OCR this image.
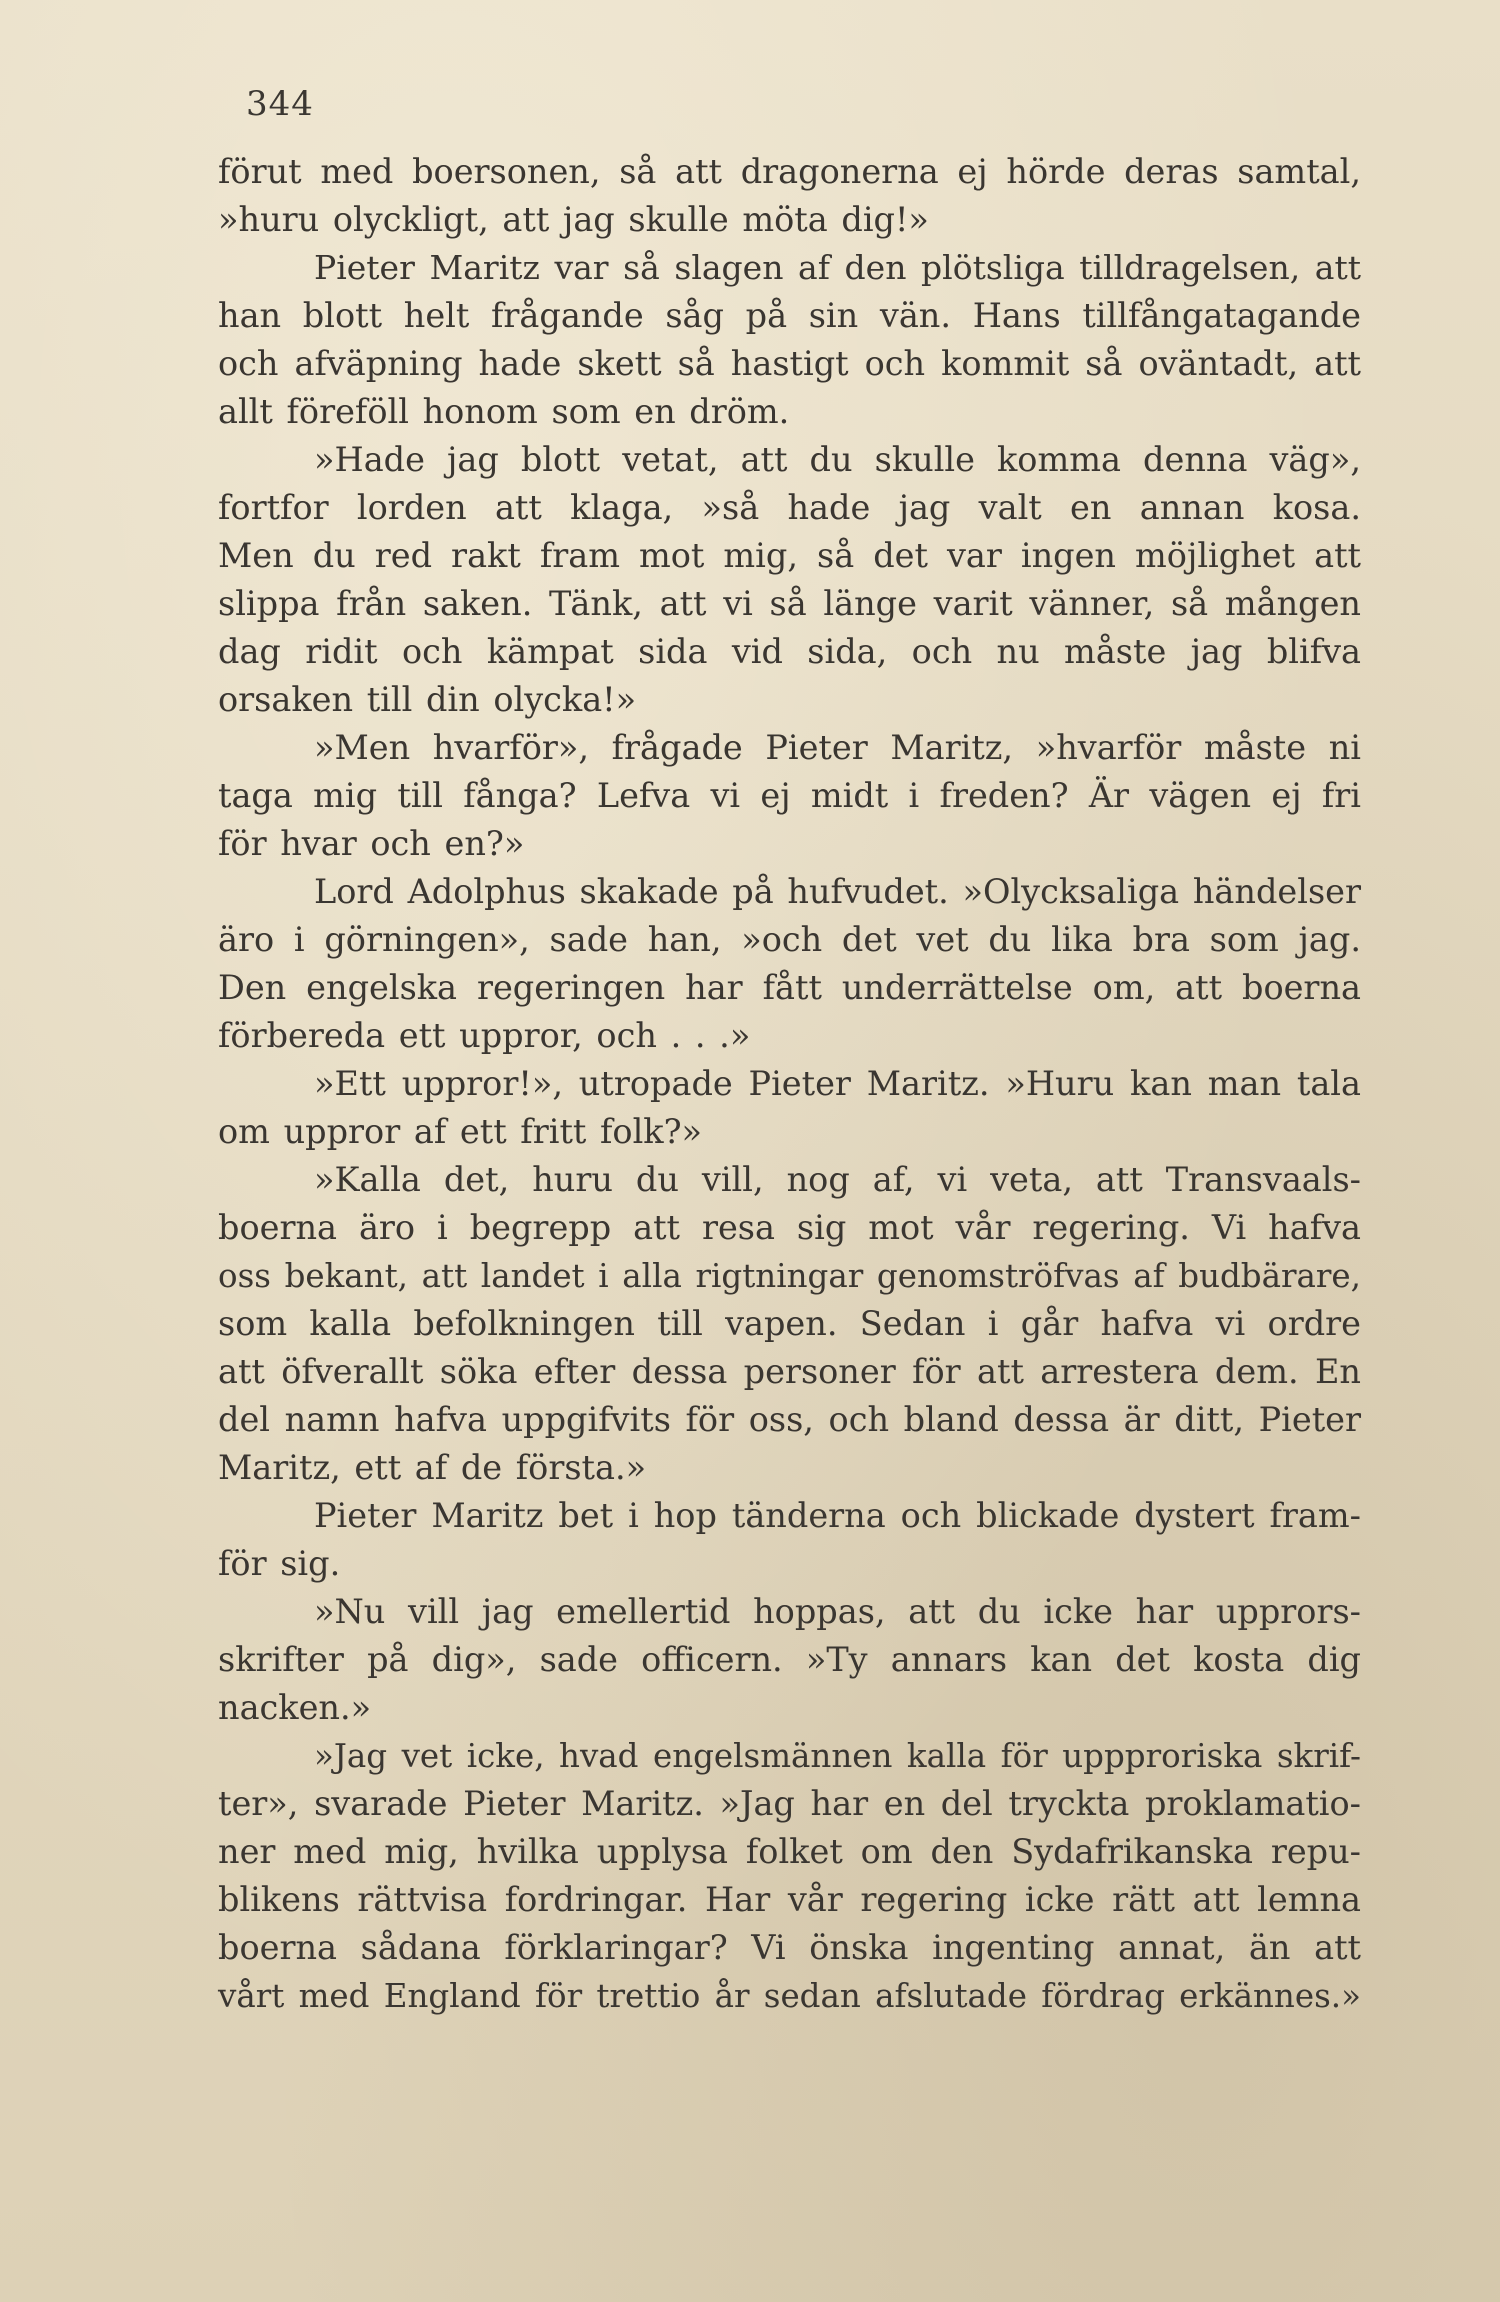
344
förut med boersonen, så att dragonerna ej hörde deras samtal,
»huru olyckligt, att jag skulle möta dig!»
Pieter Maritz var så slagen af den plötsliga tilldragelsen, att
han blott helt frågande såg på sin vän. Hans tillfångatagande
och afväpning hade skett så hastigt och kommit så oväntadt, att
allt föreföll honom som en dröm.
»Hade jag blott vetat, att du skulle komma denna väg»,
fortfor lorden att klaga, »så hade jag valt en annan kosa.
Men du red rakt fram mot mig, så det var ingen möjlighet att
slippa från saken. Tänk, att vi så länge varit vänner, så mången
dag ridit och kämpat sida vid sida, och nu måste jag blifva
orsaken till din olycka!»
»Men hvarför», frågade Pieter Maritz, »hvarför måste ni
taga mig till fånga? Lefva vi ej midt i freden? Är vägen ej fri
för hvar och en?»
Lord Adolphus skakade på hufvudet. »Olycksaliga händelser
äro i görningen», sade han, »och det vet du lika bra som jag.
Den engelska regeringen har fått underrättelse om, att boerna
förbereda ett uppror, och . . .»
»Ett uppror!», utropade Pieter Maritz. »Huru kan man tala
om uppror af ett fritt folk?»
»Kalla det, huru du vill, nog af, vi veta, att Transvaals-
boerna äro i begrepp att resa sig mot vår regering. Vi hafva
oss bekant, att landet i alla rigtningar genomströfvas af budbärare,
som kalla befolkningen till vapen. Sedan i går hafva vi ordre
att öfverallt söka efter dessa personer för att arrestera dem. En
del namn hafva uppgifvits för oss, och bland dessa är ditt, Pieter
Maritz, ett af de första.»
Pieter Maritz bet i hop tänderna och blickade dystert fram-
för sig.
»Nu vill jag emellertid hoppas, att du icke har upprors-
skrifter på dig», sade officern. »Ty annars kan det kosta dig
nacken.»
»Jag vet icke, hvad engelsmännen kalla för uppproriska skrif-
ter», svarade Pieter Maritz. »Jag har en del tryckta proklamatio-
ner med mig, hvilka upplysa folket om den Sydafrikanska repu-
blikens rättvisa fordringar. Har vår regering icke rätt att lemna
boerna sådana förklaringar? Vi önska ingenting annat, än att
vårt med England för trettio år sedan afslutade fördrag erkännes.»
